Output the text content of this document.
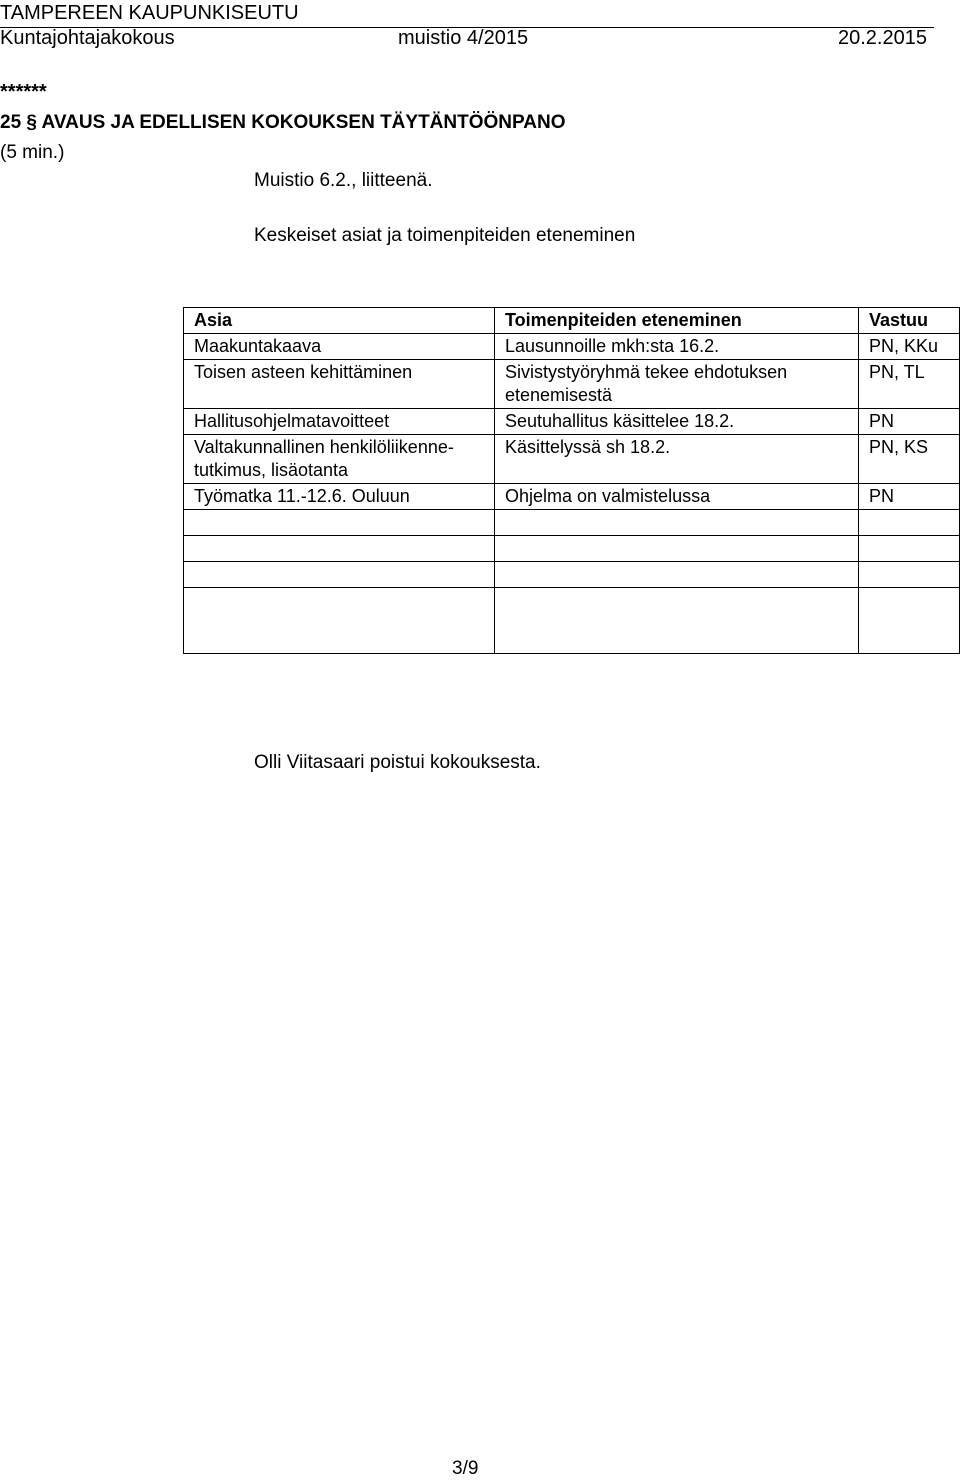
TAMPEREEN KAUPUNKISEUTU
Kuntajohtajakokous	muistio 4/2015	20.2.2015
******
25 § AVAUS JA EDELLISEN KOKOUKSEN TÄYTÄNTÖÖNPANO
(5 min.)
Muistio 6.2., liitteenä.
Keskeiset asiat ja toimenpiteiden eteneminen
Asia	Toimenpiteiden eteneminen	Vastuu
Maakuntakaava	Lausunnoille mkh:sta 16.2.	PN, KKu
Toisen asteen kehittäminen	Sivistystyöryhmä tekee ehdotuksen etenemisestä	PN, TL
Hallitusohjelmatavoitteet	Seutuhallitus käsittelee 18.2.	PN
Valtakunnallinen henkilöliikenne-tutkimus, lisäotanta	Käsittelyssä sh 18.2.	PN, KS
Työmatka 11.-12.6. Ouluun	Ohjelma on valmistelussa	PN

Olli Viitasaari poistui kokouksesta.
3/9
